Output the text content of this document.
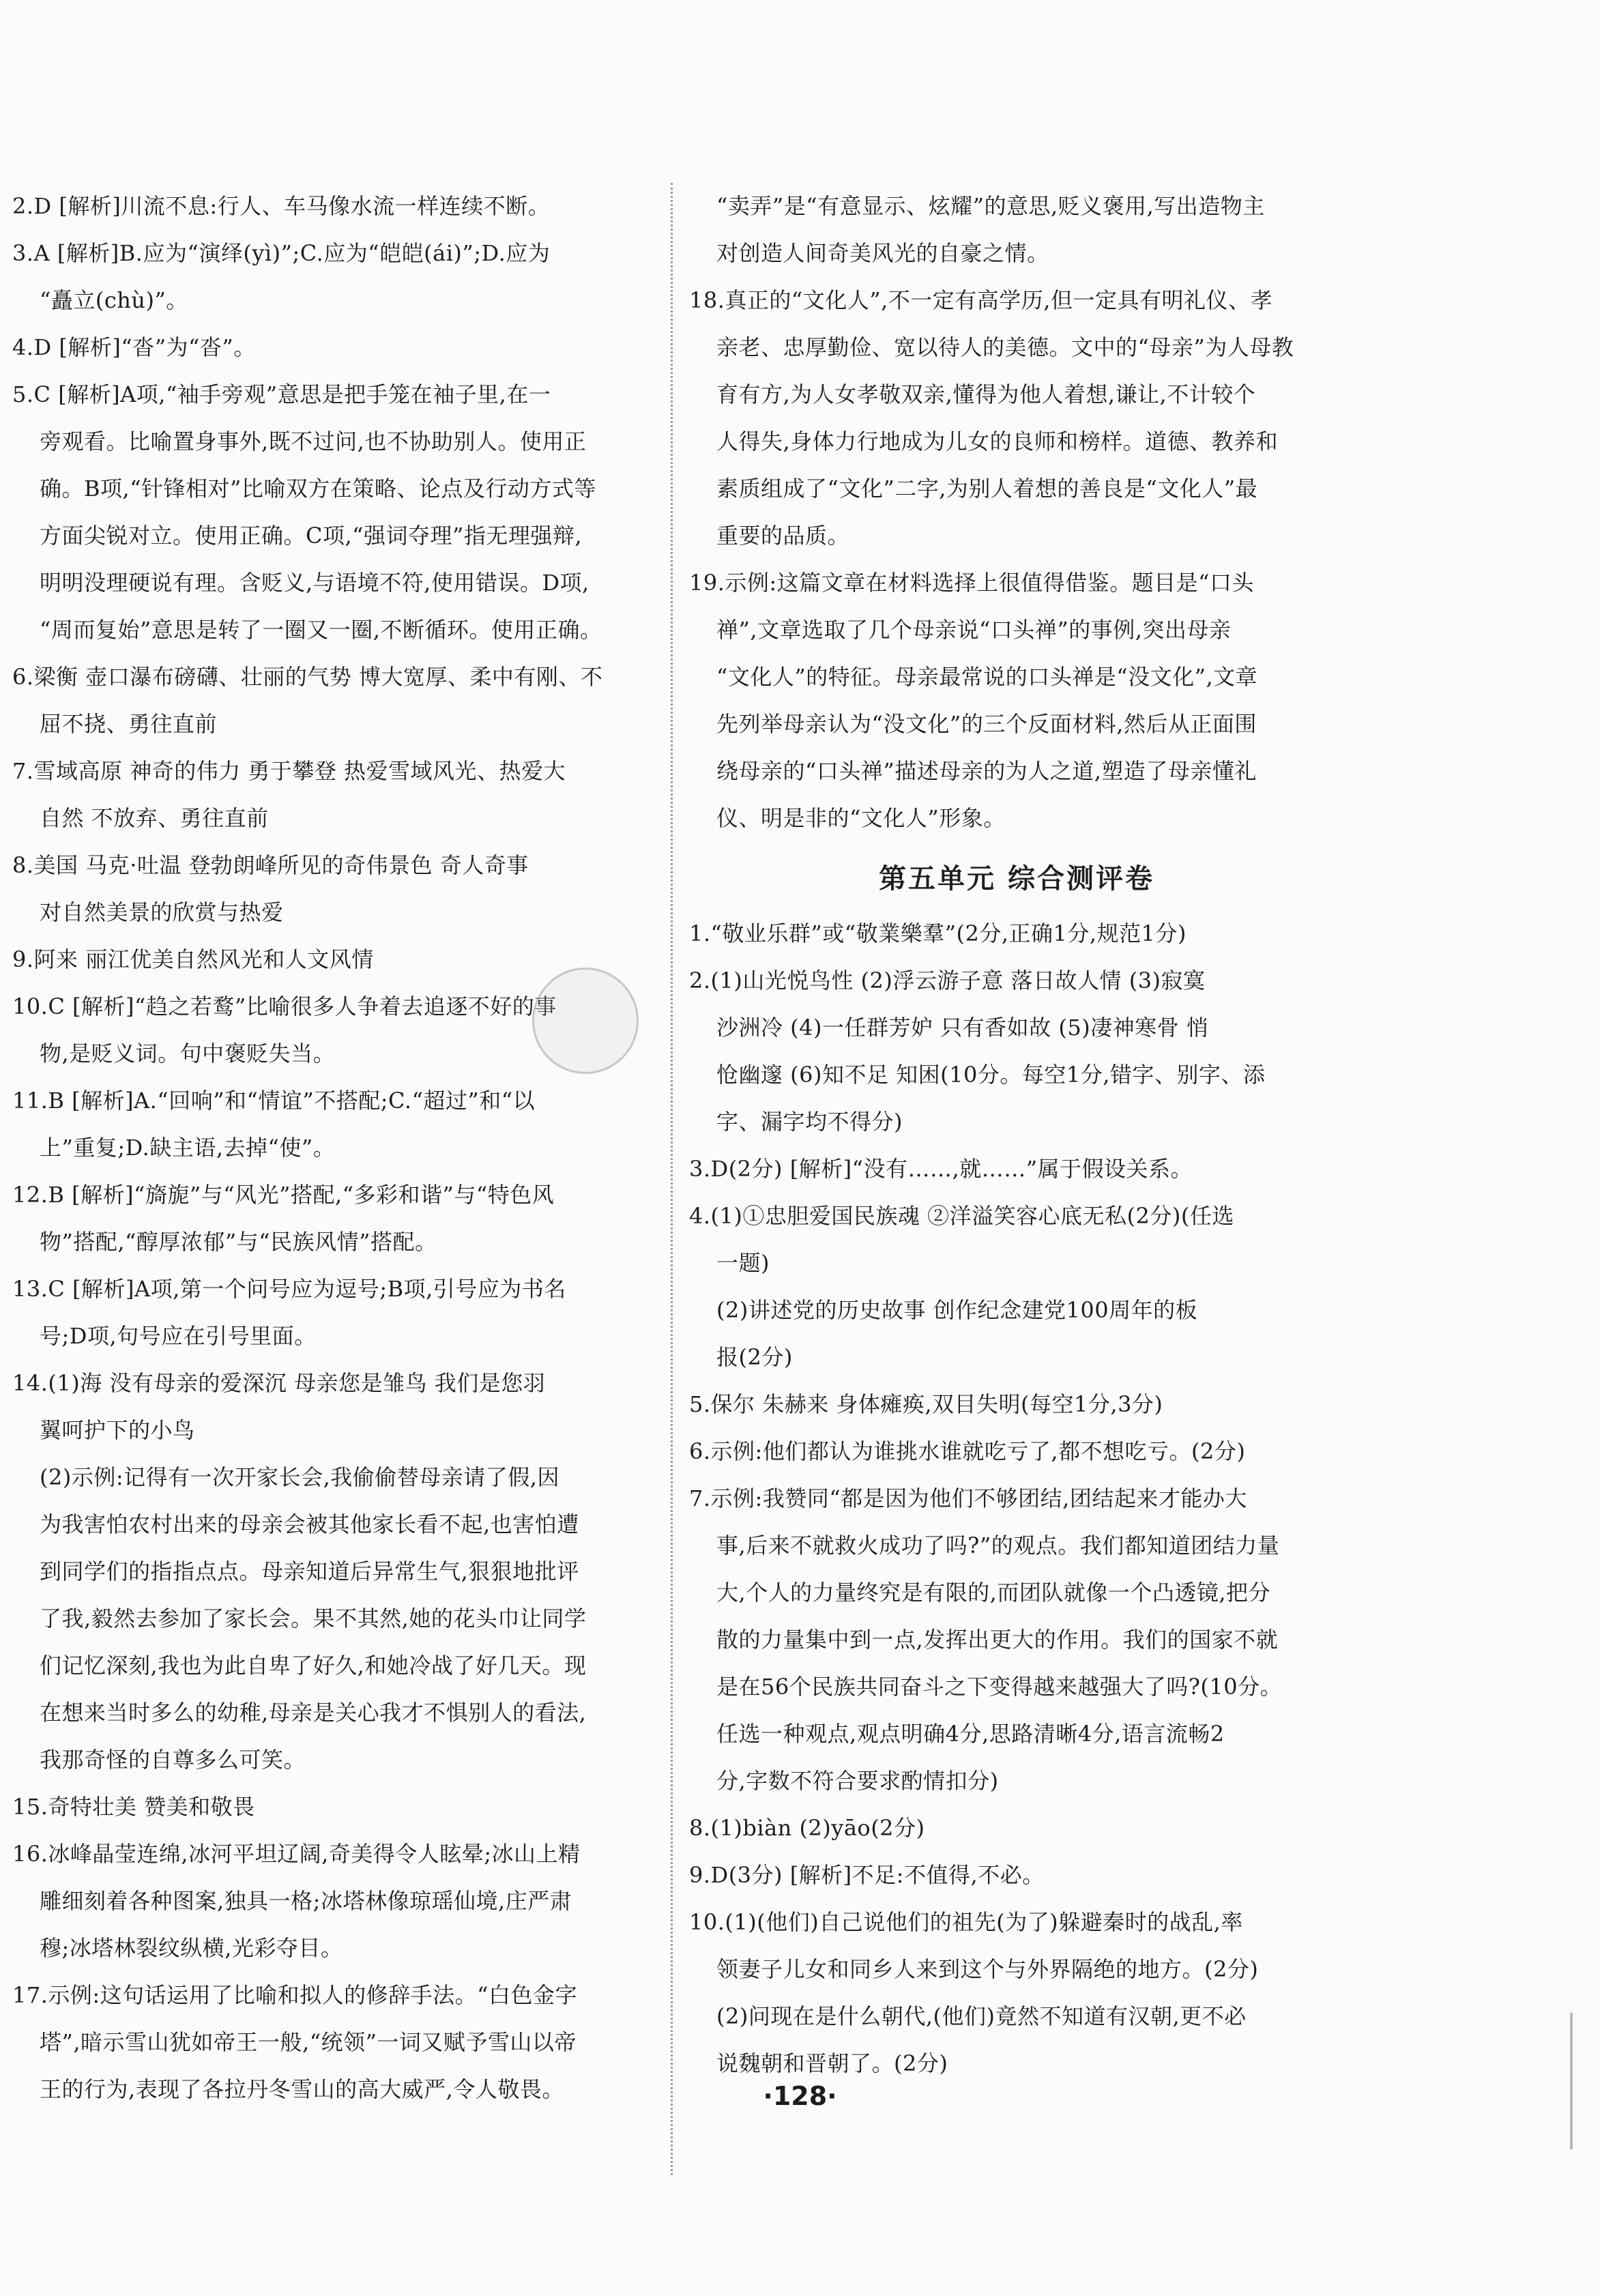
2.D [解析]川流不息:行人、车马像水流一样连续不断。
3.A [解析]B.应为“演绎(yì)”;C.应为“皑皑(ái)”;D.应为
“矗立(chù)”。
4.D [解析]“沓”为“沓”。
5.C [解析]A项,“袖手旁观”意思是把手笼在袖子里,在一
旁观看。比喻置身事外,既不过问,也不协助别人。使用正
确。B项,“针锋相对”比喻双方在策略、论点及行动方式等
方面尖锐对立。使用正确。C项,“强词夺理”指无理强辩,
明明没理硬说有理。含贬义,与语境不符,使用错误。D项,
“周而复始”意思是转了一圈又一圈,不断循环。使用正确。
6.梁衡 壶口瀑布磅礴、壮丽的气势 博大宽厚、柔中有刚、不
屈不挠、勇往直前
7.雪域高原 神奇的伟力 勇于攀登 热爱雪域风光、热爱大
自然 不放弃、勇往直前
8.美国 马克·吐温 登勃朗峰所见的奇伟景色 奇人奇事
对自然美景的欣赏与热爱
9.阿来 丽江优美自然风光和人文风情
10.C [解析]“趋之若鹜”比喻很多人争着去追逐不好的事
物,是贬义词。句中褒贬失当。
11.B [解析]A.“回响”和“情谊”不搭配;C.“超过”和“以
上”重复;D.缺主语,去掉“使”。
12.B [解析]“旖旎”与“风光”搭配,“多彩和谐”与“特色风
物”搭配,“醇厚浓郁”与“民族风情”搭配。
13.C [解析]A项,第一个问号应为逗号;B项,引号应为书名
号;D项,句号应在引号里面。
14.(1)海 没有母亲的爱深沉 母亲您是雏鸟 我们是您羽
翼呵护下的小鸟
(2)示例:记得有一次开家长会,我偷偷替母亲请了假,因
为我害怕农村出来的母亲会被其他家长看不起,也害怕遭
到同学们的指指点点。母亲知道后异常生气,狠狠地批评
了我,毅然去参加了家长会。果不其然,她的花头巾让同学
们记忆深刻,我也为此自卑了好久,和她冷战了好几天。现
在想来当时多么的幼稚,母亲是关心我才不惧别人的看法,
我那奇怪的自尊多么可笑。
15.奇特壮美 赞美和敬畏
16.冰峰晶莹连绵,冰河平坦辽阔,奇美得令人眩晕;冰山上精
雕细刻着各种图案,独具一格;冰塔林像琼瑶仙境,庄严肃
穆;冰塔林裂纹纵横,光彩夺目。
17.示例:这句话运用了比喻和拟人的修辞手法。“白色金字
塔”,暗示雪山犹如帝王一般,“统领”一词又赋予雪山以帝
王的行为,表现了各拉丹冬雪山的高大威严,令人敬畏。
“卖弄”是“有意显示、炫耀”的意思,贬义褒用,写出造物主
对创造人间奇美风光的自豪之情。
18.真正的“文化人”,不一定有高学历,但一定具有明礼仪、孝
亲老、忠厚勤俭、宽以待人的美德。文中的“母亲”为人母教
育有方,为人女孝敬双亲,懂得为他人着想,谦让,不计较个
人得失,身体力行地成为儿女的良师和榜样。道德、教养和
素质组成了“文化”二字,为别人着想的善良是“文化人”最
重要的品质。
19.示例:这篇文章在材料选择上很值得借鉴。题目是“口头
禅”,文章选取了几个母亲说“口头禅”的事例,突出母亲
“文化人”的特征。母亲最常说的口头禅是“没文化”,文章
先列举母亲认为“没文化”的三个反面材料,然后从正面围
绕母亲的“口头禅”描述母亲的为人之道,塑造了母亲懂礼
仪、明是非的“文化人”形象。
第五单元 综合测评卷
1.“敬业乐群”或“敬業樂羣”(2分,正确1分,规范1分)
2.(1)山光悦鸟性 (2)浮云游子意 落日故人情 (3)寂寞
沙洲冷 (4)一任群芳妒 只有香如故 (5)凄神寒骨 悄
怆幽邃 (6)知不足 知困(10分。每空1分,错字、别字、添
字、漏字均不得分)
3.D(2分) [解析]“没有……,就……”属于假设关系。
4.(1)①忠胆爱国民族魂 ②洋溢笑容心底无私(2分)(任选
一题)
(2)讲述党的历史故事 创作纪念建党100周年的板
报(2分)
5.保尔 朱赫来 身体瘫痪,双目失明(每空1分,3分)
6.示例:他们都认为谁挑水谁就吃亏了,都不想吃亏。(2分)
7.示例:我赞同“都是因为他们不够团结,团结起来才能办大
事,后来不就救火成功了吗?”的观点。我们都知道团结力量
大,个人的力量终究是有限的,而团队就像一个凸透镜,把分
散的力量集中到一点,发挥出更大的作用。我们的国家不就
是在56个民族共同奋斗之下变得越来越强大了吗?(10分。
任选一种观点,观点明确4分,思路清晰4分,语言流畅2
分,字数不符合要求酌情扣分)
8.(1)biàn (2)yāo(2分)
9.D(3分) [解析]不足:不值得,不必。
10.(1)(他们)自己说他们的祖先(为了)躲避秦时的战乱,率
领妻子儿女和同乡人来到这个与外界隔绝的地方。(2分)
(2)问现在是什么朝代,(他们)竟然不知道有汉朝,更不必
说魏朝和晋朝了。(2分)
·128·
